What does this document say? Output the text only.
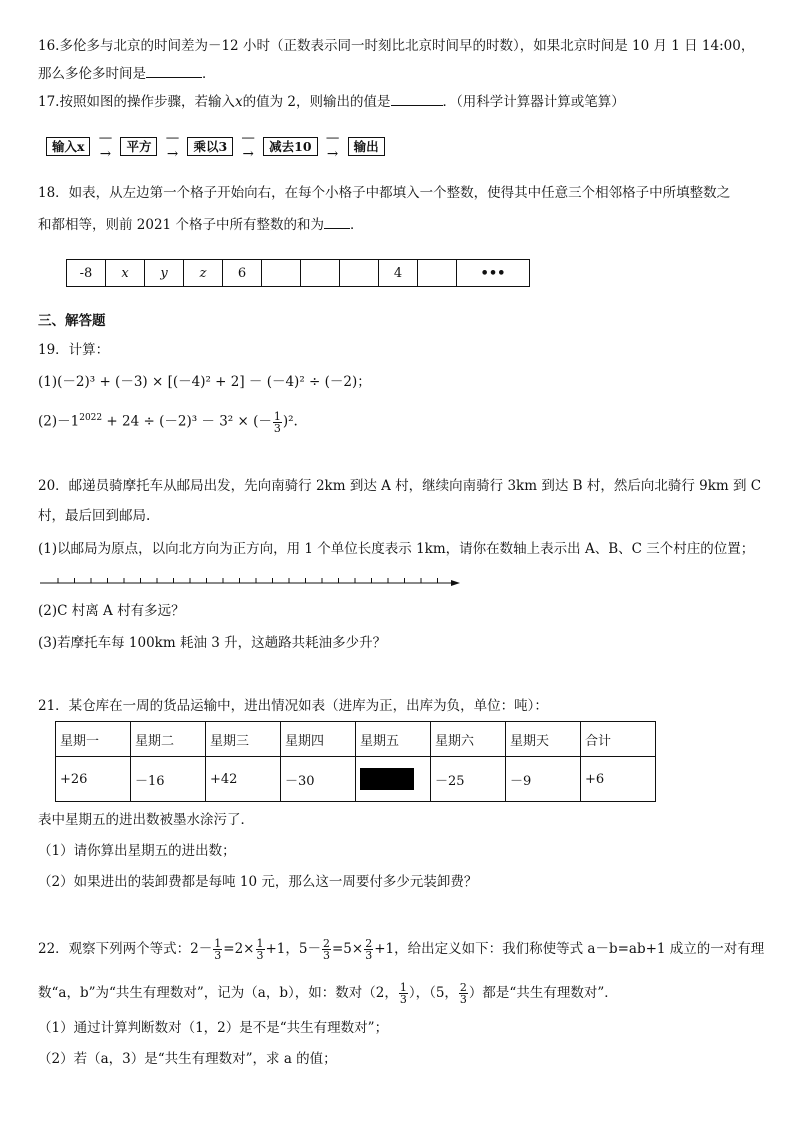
16.多伦多与北京的时间差为－12 小时（正数表示同一时刻比北京时间早的时数），如果北京时间是 10 月 1 日 14:00，
那么多伦多时间是	．
17.按照如图的操作步骤，若输入x的值为 2，则输出的值是	．（用科学计算器计算或笔算）
输入x	—→	平方	—→	乘以3	—→	减去10	—→	输出
18．如表，从左边第一个格子开始向右，在每个小格子中都填入一个整数，使得其中任意三个相邻格子中所填整数之
和都相等，则前 2021 个格子中所有整数的和为 ．
-8	x	y	z	6				4		•••
三、解答题
19．计算：
(1)(－2)³ + (－3) × [(－4)² + 2] － (－4)² ÷ (－2)；
$(2)-1^{2022} + 24 \div (-2)^3 - 3^2$ × (－ $\frac{1}{3} )^2$.
20．邮递员骑摩托车从邮局出发，先向南骑行 2km 到达 A 村，继续向南骑行 3km 到达 B 村，然后向北骑行 9km 到 C
村，最后回到邮局.
(1)以邮局为原点，以向北方向为正方向，用 1 个单位长度表示 1km，请你在数轴上表示出 A、B、C 三个村庄的位置；
(2)C 村离 A 村有多远？
(3)若摩托车每 100km 耗油 3 升，这趟路共耗油多少升？
21．某仓库在一周的货品运输中，进出情况如表（进库为正，出库为负，单位：吨）：
星期一	星期二	星期三	星期四	星期五	星期六	星期天	合计
+26	－16	+42	－30		－25	－9	+6
表中星期五的进出数被墨水涂污了．
（1）请你算出星期五的进出数；
（2）如果进出的装卸费都是每吨 10 元，那么这一周要付多少元装卸费？
22．观察下列两个等式：$2- \frac{1}{3} =2\times \frac{1}{3} +1$，$5- \frac{2}{3} =5\times \frac{2}{3} +1$，给出定义如下：我们称使等式 a－b=ab+1 成立的一对有理
数“a，b”为“共生有理数对”，记为（a，b），如：数对（2， $\frac{1}{3}$ ），（5， $\frac{2}{3}$ ）都是“共生有理数对”．
（1）通过计算判断数对（1，2）是不是“共生有理数对”；
（2）若（a，3）是“共生有理数对”，求 a 的值；
